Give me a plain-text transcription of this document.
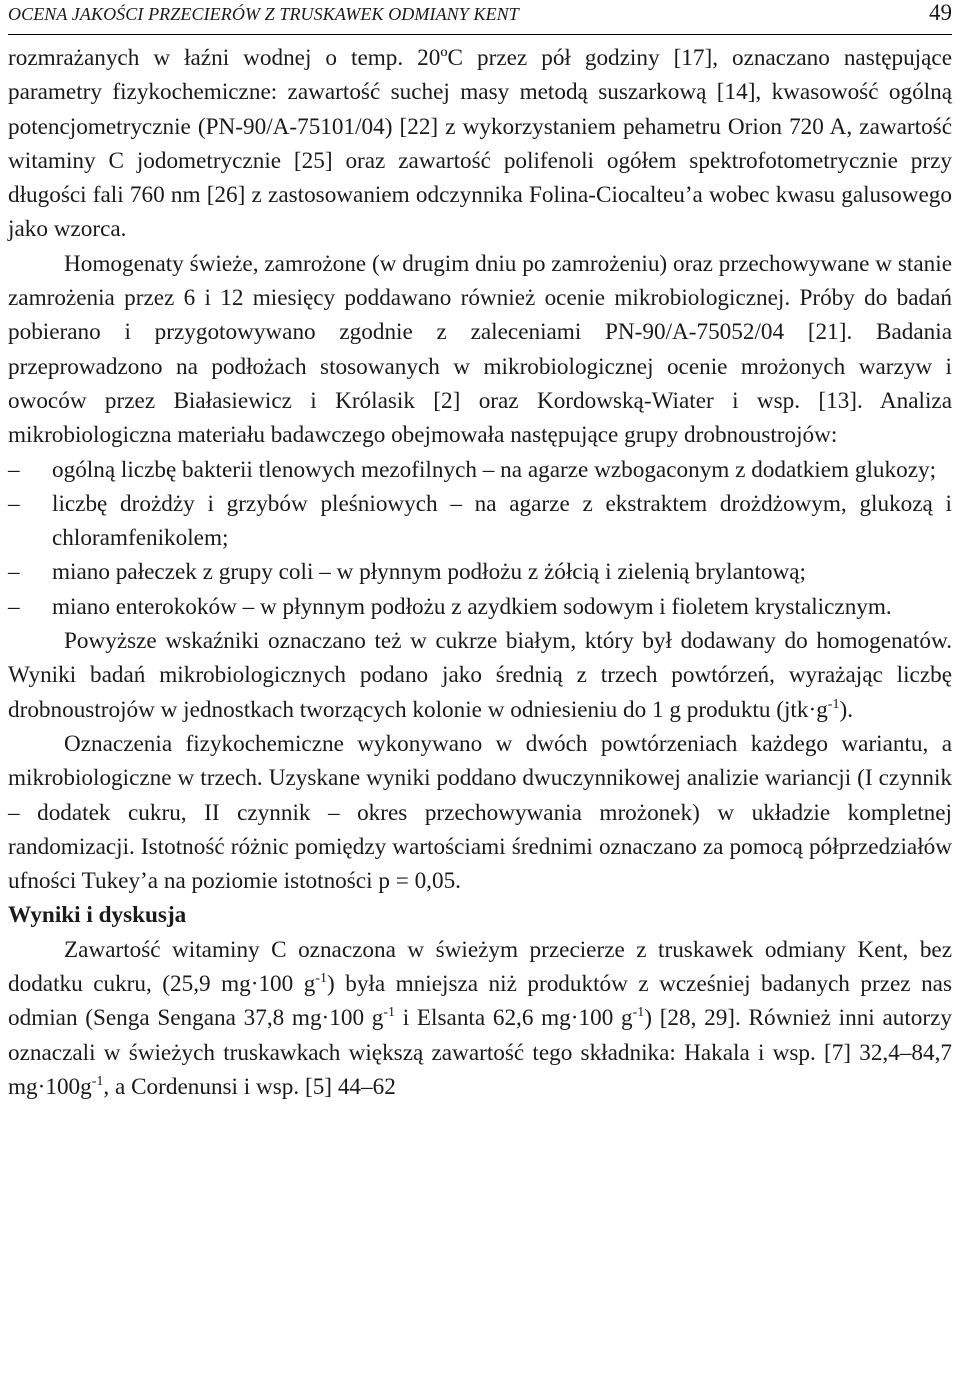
OCENA JAKOŚCI PRZECIERÓW Z TRUSKAWEK ODMIANY KENT	49

rozmrażanych w łaźni wodnej o temp. 20ºC przez pół godziny [17], oznaczano następujące parametry fizykochemiczne: zawartość suchej masy metodą suszarkową [14], kwasowość ogólną potencjometrycznie (PN-90/A-75101/04) [22] z wykorzystaniem pehametru Orion 720 A, zawartość witaminy C jodometrycznie [25] oraz zawartość polifenoli ogółem spektrofotometrycznie przy długości fali 760 nm [26] z zastosowaniem odczynnika Folina-Ciocalteu’a wobec kwasu galusowego jako wzorca.

Homogenaty świeże, zamrożone (w drugim dniu po zamrożeniu) oraz przechowywane w stanie zamrożenia przez 6 i 12 miesięcy poddawano również ocenie mikrobiologicznej. Próby do badań pobierano i przygotowywano zgodnie z zaleceniami PN-90/A-75052/04 [21]. Badania przeprowadzono na podłożach stosowanych w mikrobiologicznej ocenie mrożonych warzyw i owoców przez Białasiewicz i Królasik [2] oraz Kordowską-Wiater i wsp. [13]. Analiza mikrobiologiczna materiału badawczego obejmowała następujące grupy drobnoustrojów:

– ogólną liczbę bakterii tlenowych mezofilnych – na agarze wzbogaconym z dodatkiem glukozy;
– liczbę drożdży i grzybów pleśniowych – na agarze z ekstraktem drożdżowym, glukozą i chloramfenikolem;
– miano pałeczek z grupy coli – w płynnym podłożu z żółcią i zielenią brylantową;
– miano enterokoków – w płynnym podłożu z azydkiem sodowym i fioletem krystalicznym.

Powyższe wskaźniki oznaczano też w cukrze białym, który był dodawany do homogenatów. Wyniki badań mikrobiologicznych podano jako średnią z trzech powtórzeń, wyrażając liczbę drobnoustrojów w jednostkach tworzących kolonie w odniesieniu do 1 g produktu $(jtk\cdot g^{-1})$.

Oznaczenia fizykochemiczne wykonywano w dwóch powtórzeniach każdego wariantu, a mikrobiologiczne w trzech. Uzyskane wyniki poddano dwuczynnikowej analizie wariancji (I czynnik – dodatek cukru, II czynnik – okres przechowywania mrożonek) w układzie kompletnej randomizacji. Istotność różnic pomiędzy wartościami średnimi oznaczano za pomocą półprzedziałów ufności Tukey’a na poziomie istotności p = 0,05.

Wyniki i dyskusja

Zawartość witaminy C oznaczona w świeżym przecierze z truskawek odmiany Kent, bez dodatku cukru, (25,9 mg·100 $g^{-1}$) była mniejsza niż produktów z wcześniej badanych przez nas odmian (Senga Sengana 37,8 mg·100 $g^{-1}$ i Elsanta 62,6 mg·100 $g^{-1}$) [28, 29]. Również inni autorzy oznaczali w świeżych truskawkach większą zawartość tego składnika: Hakala i wsp. [7] 32,4–84,7 $mg\cdot 100g^{-1}$, a Cordenunsi i wsp. [5] 44–62
